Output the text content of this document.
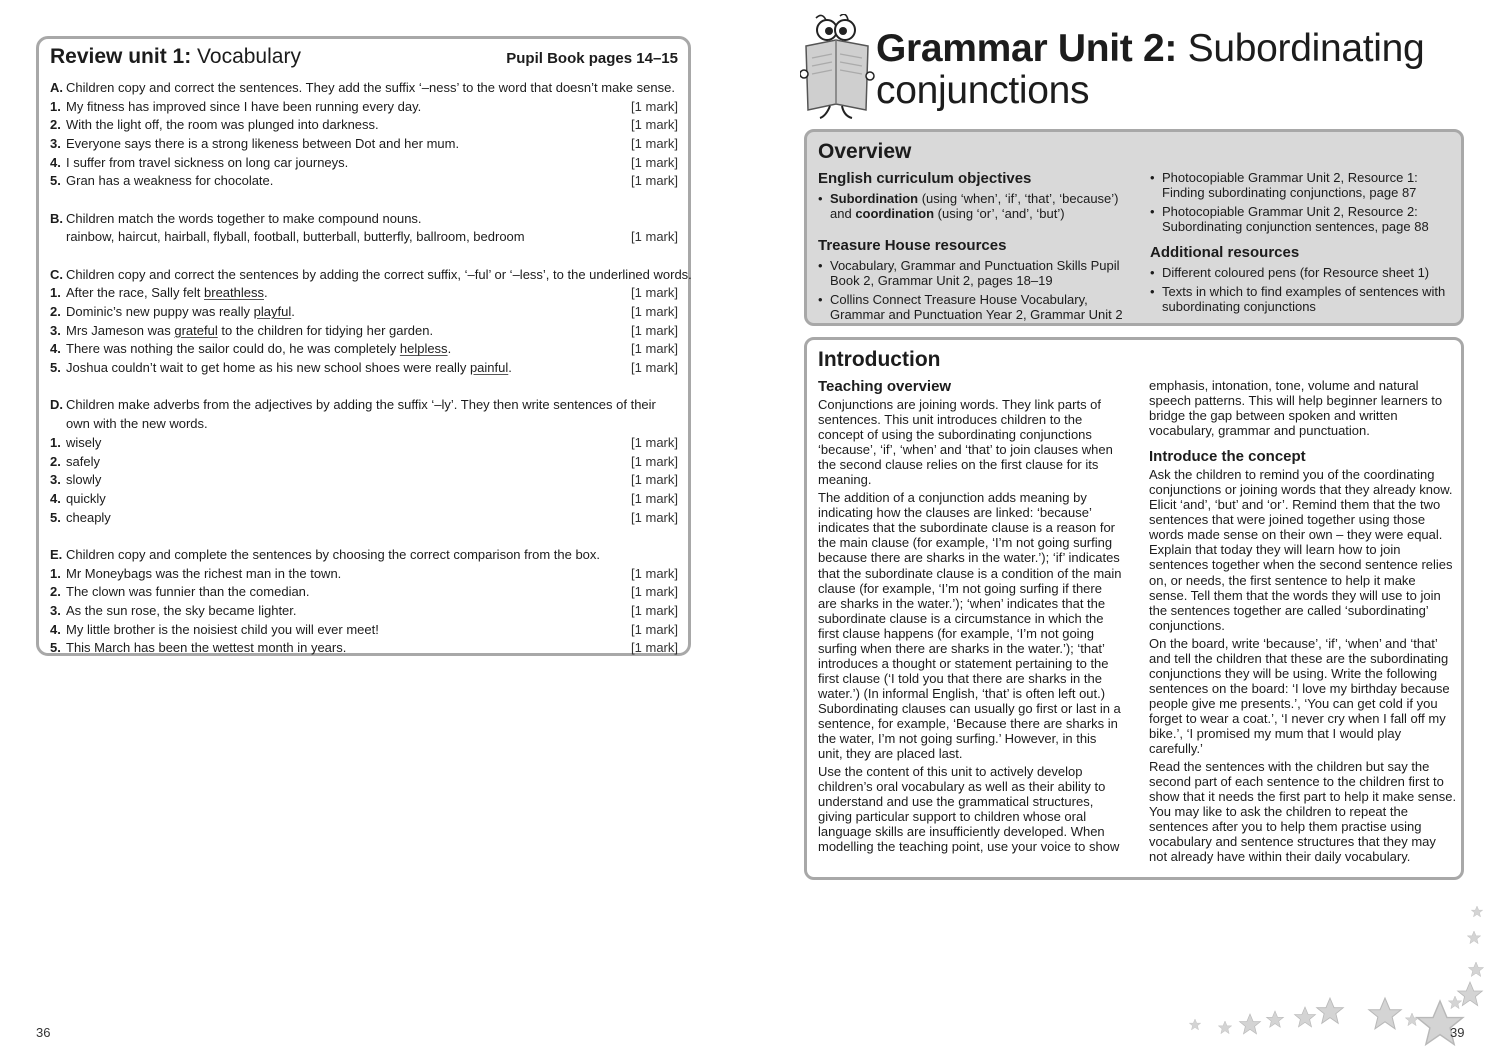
Review unit 1: Vocabulary	Pupil Book pages 14–15
A. Children copy and correct the sentences. They add the suffix ‘–ness’ to the word that doesn’t make sense.
1. My fitness has improved since I have been running every day.	[1 mark]
2. With the light off, the room was plunged into darkness.	[1 mark]
3. Everyone says there is a strong likeness between Dot and her mum.	[1 mark]
4. I suffer from travel sickness on long car journeys.	[1 mark]
5. Gran has a weakness for chocolate.	[1 mark]
B. Children match the words together to make compound nouns.
rainbow, haircut, hairball, flyball, football, butterball, butterfly, ballroom, bedroom	[1 mark]
C. Children copy and correct the sentences by adding the correct suffix, ‘–ful’ or ‘–less’, to the underlined words.
1. After the race, Sally felt breathless.	[1 mark]
2. Dominic’s new puppy was really playful.	[1 mark]
3. Mrs Jameson was grateful to the children for tidying her garden.	[1 mark]
4. There was nothing the sailor could do, he was completely helpless.	[1 mark]
5. Joshua couldn’t wait to get home as his new school shoes were really painful.	[1 mark]
D. Children make adverbs from the adjectives by adding the suffix ‘–ly’. They then write sentences of their own with the new words.
1. wisely	[1 mark]
2. safely	[1 mark]
3. slowly	[1 mark]
4. quickly	[1 mark]
5. cheaply	[1 mark]
E. Children copy and complete the sentences by choosing the correct comparison from the box.
1. Mr Moneybags was the richest man in the town.	[1 mark]
2. The clown was funnier than the comedian.	[1 mark]
3. As the sun rose, the sky became lighter.	[1 mark]
4. My little brother is the noisiest child you will ever meet!	[1 mark]
5. This March has been the wettest month in years.	[1 mark]
36
Grammar Unit 2: Subordinating conjunctions
Overview
English curriculum objectives
• Subordination (using ‘when’, ‘if’, ‘that’, ‘because’) and coordination (using ‘or’, ‘and’, ‘but’)
Treasure House resources
• Vocabulary, Grammar and Punctuation Skills Pupil Book 2, Grammar Unit 2, pages 18–19
• Collins Connect Treasure House Vocabulary, Grammar and Punctuation Year 2, Grammar Unit 2
• Photocopiable Grammar Unit 2, Resource 1: Finding subordinating conjunctions, page 87
• Photocopiable Grammar Unit 2, Resource 2: Subordinating conjunction sentences, page 88
Additional resources
• Different coloured pens (for Resource sheet 1)
• Texts in which to find examples of sentences with subordinating conjunctions
Introduction
Teaching overview

Conjunctions are joining words. They link parts of sentences. This unit introduces children to the concept of using the subordinating conjunctions ‘because’, ‘if’, ‘when’ and ‘that’ to join clauses when the second clause relies on the first clause for its meaning.

The addition of a conjunction adds meaning by indicating how the clauses are linked: ‘because’ indicates that the subordinate clause is a reason for the main clause (for example, ‘I’m not going surfing because there are sharks in the water.’); ‘if’ indicates that the subordinate clause is a condition of the main clause (for example, ‘I’m not going surfing if there are sharks in the water.’); ‘when’ indicates that the subordinate clause is a circumstance in which the first clause happens (for example, ‘I’m not going surfing when there are sharks in the water.’); ‘that’ introduces a thought or statement pertaining to the first clause (‘I told you that there are sharks in the water.’) (In informal English, ‘that’ is often left out.) Subordinating clauses can usually go first or last in a sentence, for example, ‘Because there are sharks in the water, I’m not going surfing.’ However, in this unit, they are placed last.

Use the content of this unit to actively develop children’s oral vocabulary as well as their ability to understand and use the grammatical structures, giving particular support to children whose oral language skills are insufficiently developed. When modelling the teaching point, use your voice to show

emphasis, intonation, tone, volume and natural speech patterns. This will help beginner learners to bridge the gap between spoken and written vocabulary, grammar and punctuation.

Introduce the concept

Ask the children to remind you of the coordinating conjunctions or joining words that they already know. Elicit ‘and’, ‘but’ and ‘or’. Remind them that the two sentences that were joined together using those words made sense on their own – they were equal. Explain that today they will learn how to join sentences together when the second sentence relies on, or needs, the first sentence to help it make sense. Tell them that the words they will use to join the sentences together are called ‘subordinating’ conjunctions.

On the board, write ‘because’, ‘if’, ‘when’ and ‘that’ and tell the children that these are the subordinating conjunctions they will be using. Write the following sentences on the board: ‘I love my birthday because people give me presents.’, ‘You can get cold if you forget to wear a coat.’, ‘I never cry when I fall off my bike.’, ‘I promised my mum that I would play carefully.’

Read the sentences with the children but say the second part of each sentence to the children first to show that it needs the first part to help it make sense. You may like to ask the children to repeat the sentences after you to help them practise using vocabulary and sentence structures that they may not already have within their daily vocabulary.

39
